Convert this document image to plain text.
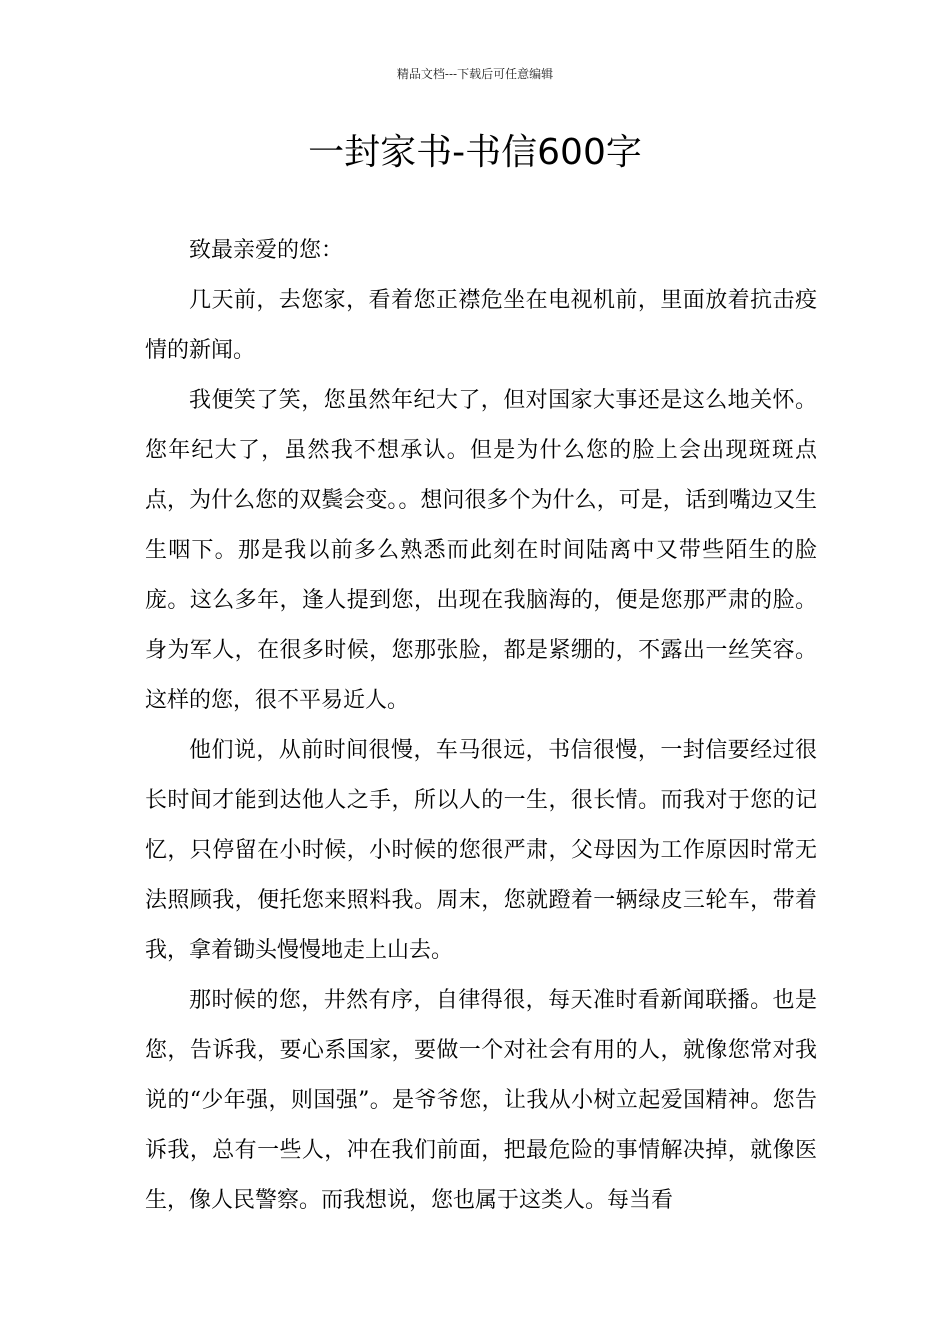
精品文档---下载后可任意编辑
一封家书-书信600字

致最亲爱的您：

几天前，去您家，看着您正襟危坐在电视机前，里面放着抗击疫情的新闻。

我便笑了笑，您虽然年纪大了，但对国家大事还是这么地关怀。您年纪大了，虽然我不想承认。但是为什么您的脸上会出现斑斑点点，为什么您的双鬓会变。。想问很多个为什么，可是，话到嘴边又生生咽下。那是我以前多么熟悉而此刻在时间陆离中又带些陌生的脸庞。这么多年，逢人提到您，出现在我脑海的，便是您那严肃的脸。身为军人，在很多时候，您那张脸，都是紧绷的，不露出一丝笑容。这样的您，很不平易近人。

他们说，从前时间很慢，车马很远，书信很慢，一封信要经过很长时间才能到达他人之手，所以人的一生，很长情。而我对于您的记忆，只停留在小时候，小时候的您很严肃，父母因为工作原因时常无法照顾我，便托您来照料我。周末，您就蹬着一辆绿皮三轮车，带着我，拿着锄头慢慢地走上山去。

那时候的您，井然有序，自律得很，每天准时看新闻联播。也是您，告诉我，要心系国家，要做一个对社会有用的人，就像您常对我说的“少年强，则国强”。是爷爷您，让我从小树立起爱国精神。您告诉我，总有一些人，冲在我们前面，把最危险的事情解决掉，就像医生，像人民警察。而我想说，您也属于这类人。每当看
